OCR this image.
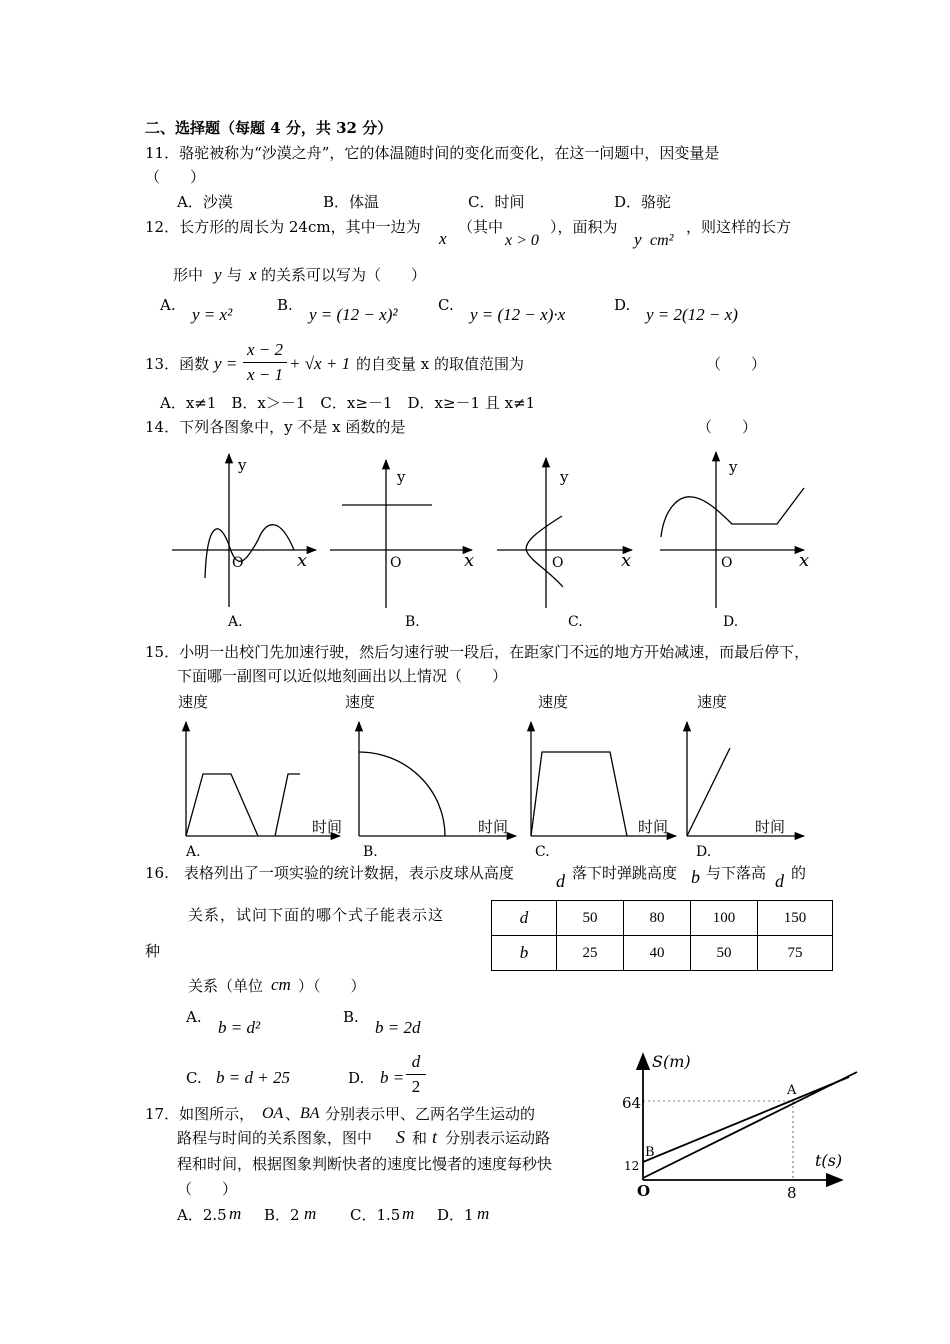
二、选择题（每题 4 分，共 32 分）
11．骆驼被称为“沙漠之舟”，它的体温随时间的变化而变化，在这一问题中，因变量是
（　　）
A．沙漠	B．体温	C．时间	D．骆驼
12．长方形的周长为 24cm，其中一边为
x
（其中
x > 0
），面积为
y cm²
，则这样的长方
形中 y 与 x 的关系可以写为（　　）
A. y = x²	B. y = (12 − x)²	C. y = (12 − x)·x	D. y = 2(12 − x)
13．函数 $y = \frac{x - 2}{x - 1} + √x + 1$ 的自变量 x 的取值范围为	（　　）
A．x≠1　B．x＞－1　C．x≥－1　D．x≥－1 且 x≠1
14．下列各图象中，y 不是 x 函数的是	（　　）
y
O	x
A.
y
O	x
B.
y
O	x
C.
y
O	x
D.
15．小明一出校门先加速行驶，然后匀速行驶一段后，在距家门不远的地方开始减速，而最后停下，
下面哪一副图可以近似地刻画出以上情况（　　）
速度
时间
A.
速度
时间
B.
速度
时间
C.
速度
时间
D.
16.　表格列出了一项实验的统计数据，表示皮球从高度 d 落下时弹跳高度 b 与下落高 d 的
关系，试问下面的哪个式子能表示这
种
关系（单位 cm ）（　　）
d	50	80	100	150
b	25	40	50	75
A.
b = d²
B.
b = 2d
C. b = d + 25	D. $b = \frac{d}{2}$
17．如图所示， OA 、 BA 分别表示甲、乙两名学生运动的
路程与时间的关系图象，图中 S 和 t 分别表示运动路
程和时间，根据图象判断快者的速度比慢者的速度每秒快
（　　）
A．2.5 m B．2 m C．1.5 m D．1 m
S(m)
t(s)
64
12
8
O
A
B
